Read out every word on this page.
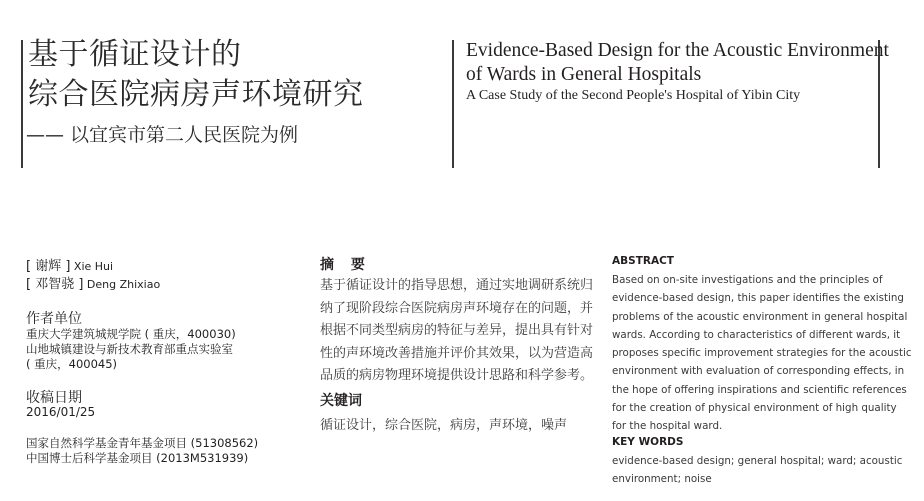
基于循证设计的
综合医院病房声环境研究
—— 以宜宾市第二人民医院为例
Evidence-Based Design for the Acoustic Environment
of Wards in General Hospitals
A Case Study of the Second People's Hospital of Yibin City
[ 谢辉 ] Xie Hui
[ 邓智骁 ] Deng Zhixiao
作者单位
重庆大学建筑城规学院 ( 重庆，400030)
山地城镇建设与新技术教育部重点实验室
( 重庆，400045)
收稿日期
2016/01/25
国家自然科学基金青年基金项目 (51308562)
中国博士后科学基金项目 (2013M531939)
摘 要
基于循证设计的指导思想，通过实地调研系统归
纳了现阶段综合医院病房声环境存在的问题，并
根据不同类型病房的特征与差异，提出具有针对
性的声环境改善措施并评价其效果，以为营造高
品质的病房物理环境提供设计思路和科学参考。
关键词
循证设计，综合医院，病房，声环境，噪声
ABSTRACT
Based on on-site investigations and the principles of
evidence-based design, this paper identifies the existing
problems of the acoustic environment in general hospital
wards. According to characteristics of different wards, it
proposes specific improvement strategies for the acoustic
environment with evaluation of corresponding effects, in
the hope of offering inspirations and scientific references
for the creation of physical environment of high quality
for the hospital ward.
KEY WORDS
evidence-based design; general hospital; ward; acoustic
environment; noise
